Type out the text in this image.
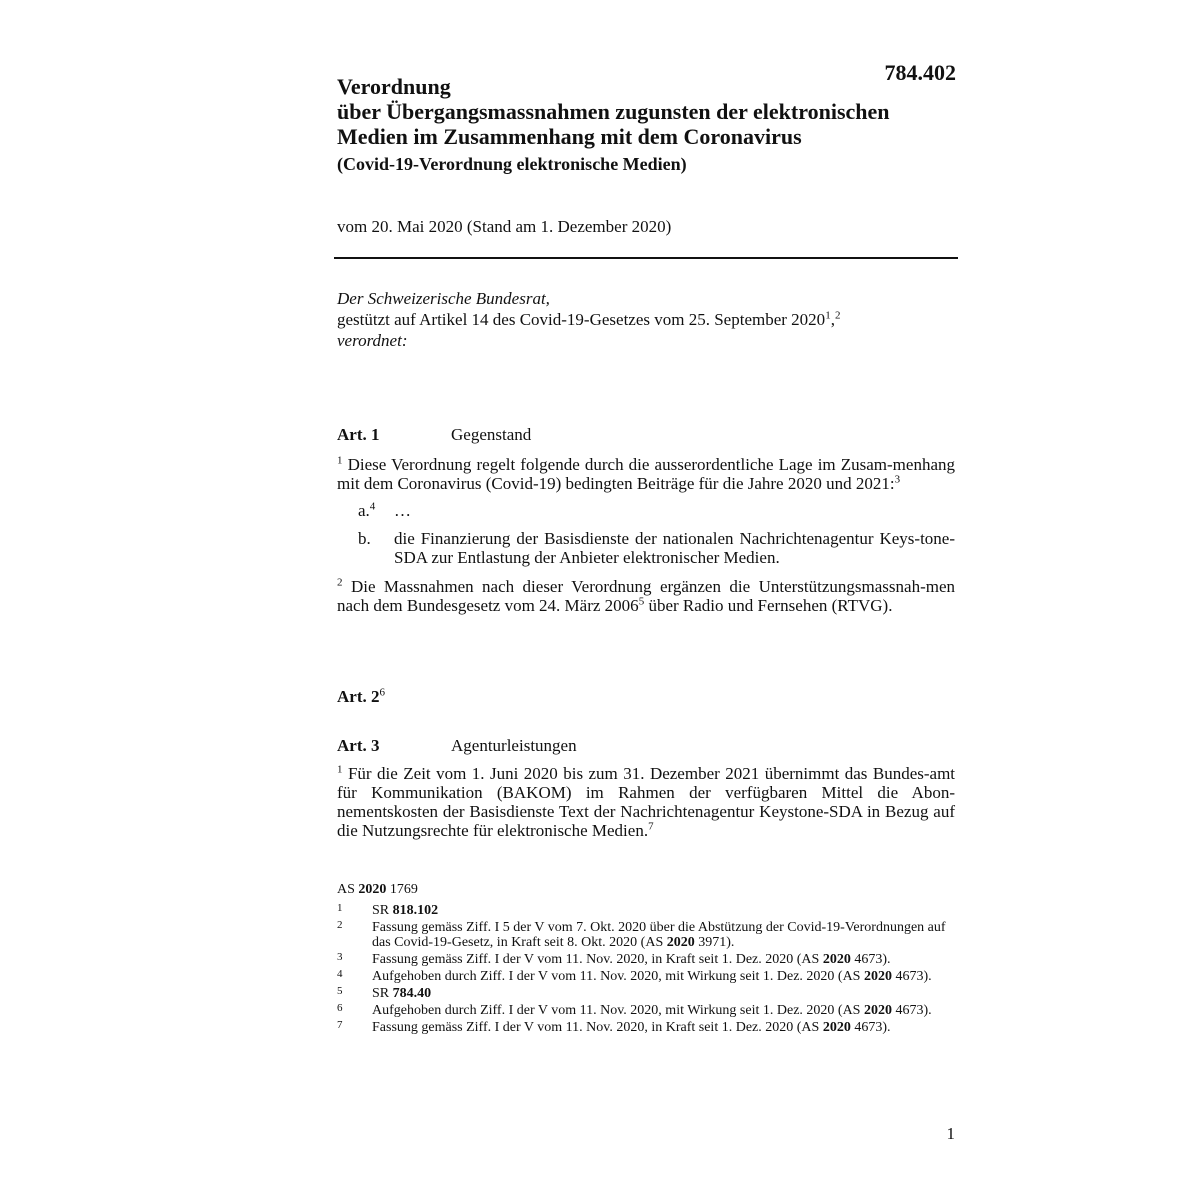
784.402
Verordnung
über Übergangsmassnahmen zugunsten der elektronischen
Medien im Zusammenhang mit dem Coronavirus
(Covid-19-Verordnung elektronische Medien)
vom 20. Mai 2020 (Stand am 1. Dezember 2020)
Der Schweizerische Bundesrat,
gestützt auf Artikel 14 des Covid-19-Gesetzes vom 25. September 2020$^1$,$^2$
verordnet:
Art. 1	Gegenstand
$^1$ Diese Verordnung regelt folgende durch die ausserordentliche Lage im Zusam-menhang mit dem Coronavirus (Covid-19) bedingten Beiträge für die Jahre 2020 und 2021:$^3$
a.$^4$ …
b. die Finanzierung der Basisdienste der nationalen Nachrichtenagentur Keys-tone-SDA zur Entlastung der Anbieter elektronischer Medien.
$^2$ Die Massnahmen nach dieser Verordnung ergänzen die Unterstützungsmassnah-men nach dem Bundesgesetz vom 24. März 2006$^5$ über Radio und Fernsehen (RTVG).
Art. $2^6$
Art. 3	Agenturleistungen
$^1$ Für die Zeit vom 1. Juni 2020 bis zum 31. Dezember 2021 übernimmt das Bundes-amt für Kommunikation (BAKOM) im Rahmen der verfügbaren Mittel die Abon-nementskosten der Basisdienste Text der Nachrichtenagentur Keystone-SDA in Bezug auf die Nutzungsrechte für elektronische Medien.$^7$
AS 2020 1769
1 SR 818.102
2 Fassung gemäss Ziff. I 5 der V vom 7. Okt. 2020 über die Abstützung der Covid-19-Verordnungen auf das Covid-19-Gesetz, in Kraft seit 8. Okt. 2020 (AS 2020 3971).
3 Fassung gemäss Ziff. I der V vom 11. Nov. 2020, in Kraft seit 1. Dez. 2020 (AS 2020 4673).
4 Aufgehoben durch Ziff. I der V vom 11. Nov. 2020, mit Wirkung seit 1. Dez. 2020 (AS 2020 4673).
5 SR 784.40
6 Aufgehoben durch Ziff. I der V vom 11. Nov. 2020, mit Wirkung seit 1. Dez. 2020 (AS 2020 4673).
7 Fassung gemäss Ziff. I der V vom 11. Nov. 2020, in Kraft seit 1. Dez. 2020 (AS 2020 4673).
1
